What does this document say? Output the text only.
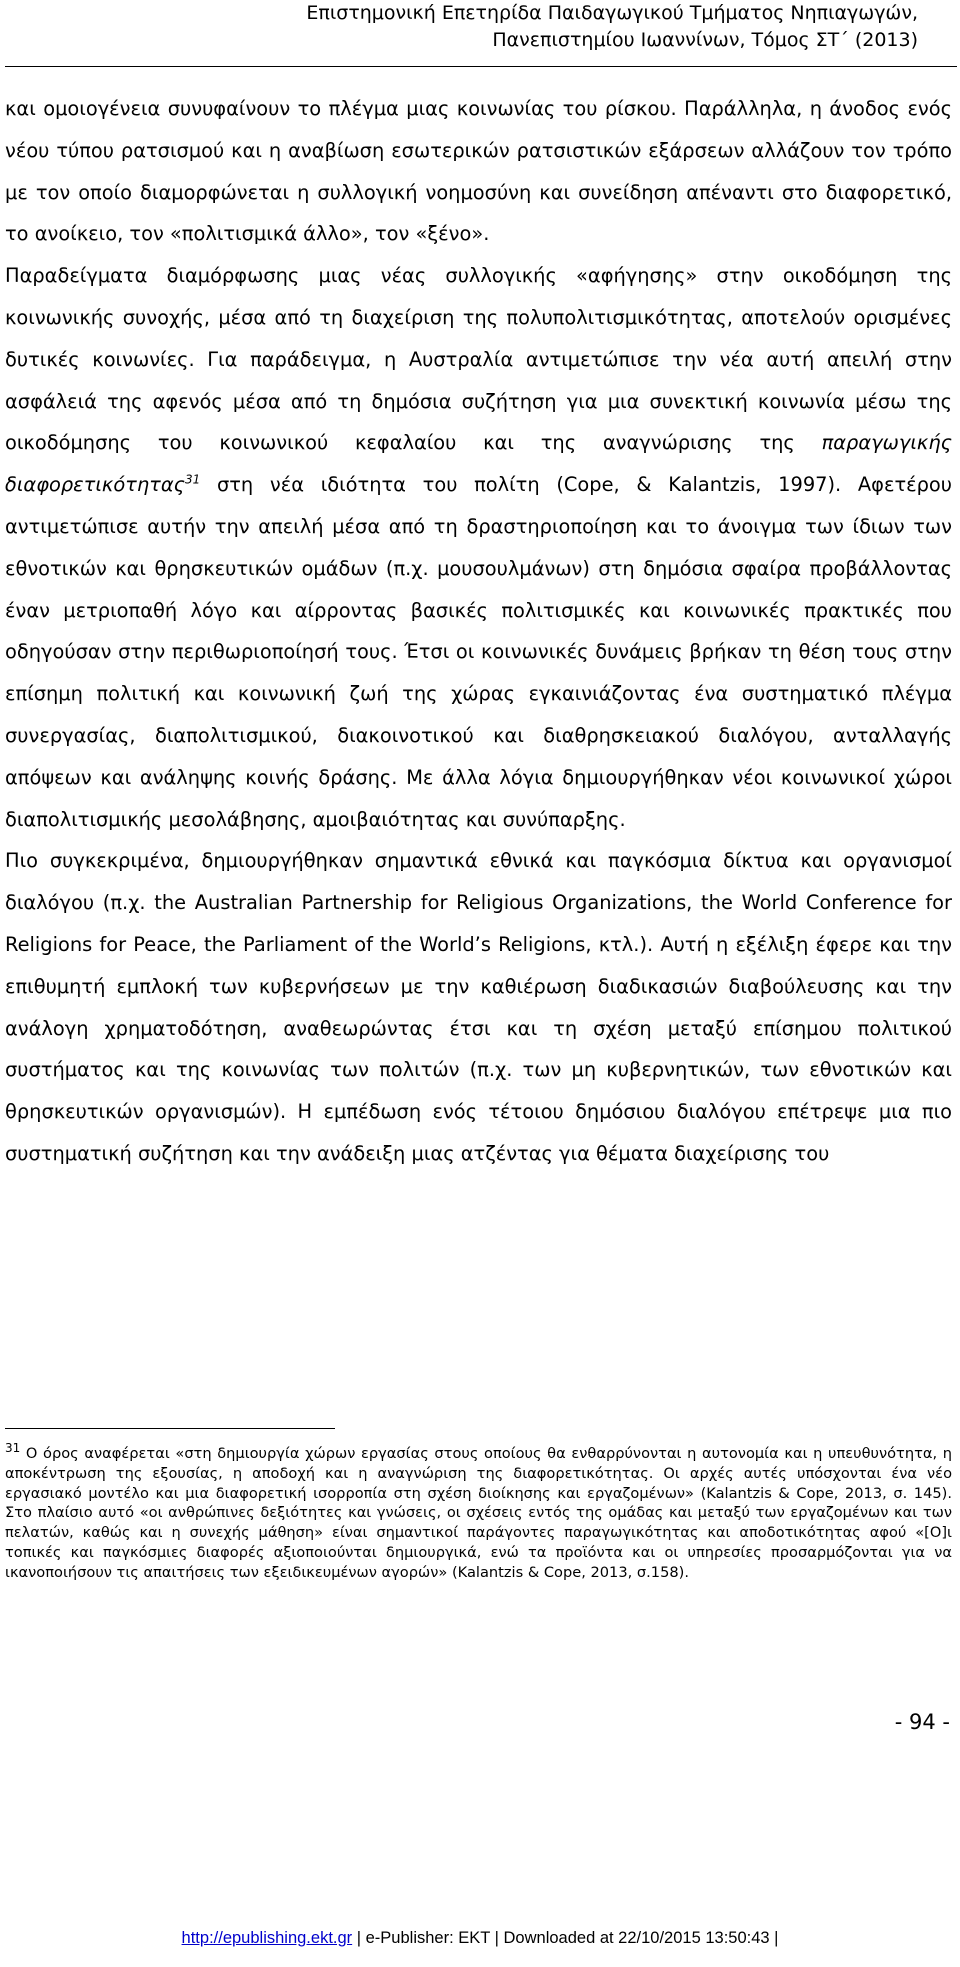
Επιστημονική Επετηρίδα Παιδαγωγικού Τμήματος Νηπιαγωγών,
Πανεπιστημίου Ιωαννίνων, Τόμος ΣΤ΄ (2013)

και ομοιογένεια συνυφαίνουν το πλέγμα μιας κοινωνίας του ρίσκου. Παράλληλα, η άνοδος ενός νέου τύπου ρατσισμού και η αναβίωση εσωτερικών ρατσιστικών εξάρσεων αλλάζουν τον τρόπο με τον οποίο διαμορφώνεται η συλλογική νοημοσύνη και συνείδηση απέναντι στο διαφορετικό, το ανοίκειο, τον «πολιτισμικά άλλο», τον «ξένο».

Παραδείγματα διαμόρφωσης μιας νέας συλλογικής «αφήγησης» στην οικοδόμηση της κοινωνικής συνοχής, μέσα από τη διαχείριση της πολυπολιτισμικότητας, αποτελούν ορισμένες δυτικές κοινωνίες. Για παράδειγμα, η Αυστραλία αντιμετώπισε την νέα αυτή απειλή στην ασφάλειά της αφενός μέσα από τη δημόσια συζήτηση για μια συνεκτική κοινωνία μέσω της οικοδόμησης του κοινωνικού κεφαλαίου και της αναγνώρισης της παραγωγικής διαφορετικότητας$^{31}$ στη νέα ιδιότητα του πολίτη (Cope, & Kalantzis, 1997). Αφετέρου αντιμετώπισε αυτήν την απειλή μέσα από τη δραστηριοποίηση και το άνοιγμα των ίδιων των εθνοτικών και θρησκευτικών ομάδων (π.χ. μουσουλμάνων) στη δημόσια σφαίρα προβάλλοντας έναν μετριοπαθή λόγο και αίρροντας βασικές πολιτισμικές και κοινωνικές πρακτικές που οδηγούσαν στην περιθωριοποίησή τους. Έτσι οι κοινωνικές δυνάμεις βρήκαν τη θέση τους στην επίσημη πολιτική και κοινωνική ζωή της χώρας εγκαινιάζοντας ένα συστηματικό πλέγμα συνεργασίας, διαπολιτισμικού, διακοινοτικού και διαθρησκειακού διαλόγου, ανταλλαγής απόψεων και ανάληψης κοινής δράσης. Με άλλα λόγια δημιουργήθηκαν νέοι κοινωνικοί χώροι διαπολιτισμικής μεσολάβησης, αμοιβαιότητας και συνύπαρξης.

Πιο συγκεκριμένα, δημιουργήθηκαν σημαντικά εθνικά και παγκόσμια δίκτυα και οργανισμοί διαλόγου (π.χ. the Australian Partnership for Religious Organizations, the World Conference for Religions for Peace, the Parliament of the World’s Religions, κτλ.). Αυτή η εξέλιξη έφερε και την επιθυμητή εμπλοκή των κυβερνήσεων με την καθιέρωση διαδικασιών διαβούλευσης και την ανάλογη χρηματοδότηση, αναθεωρώντας έτσι και τη σχέση μεταξύ επίσημου πολιτικού συστήματος και της κοινωνίας των πολιτών (π.χ. των μη κυβερνητικών, των εθνοτικών και θρησκευτικών οργανισμών). Η εμπέδωση ενός τέτοιου δημόσιου διαλόγου επέτρεψε μια πιο συστηματική συζήτηση και την ανάδειξη μιας ατζέντας για θέματα διαχείρισης του

$^{31}$ Ο όρος αναφέρεται «στη δημιουργία χώρων εργασίας στους οποίους θα ενθαρρύνονται η αυτονομία και η υπευθυνότητα, η αποκέντρωση της εξουσίας, η αποδοχή και η αναγνώριση της διαφορετικότητας. Οι αρχές αυτές υπόσχονται ένα νέο εργασιακό μοντέλο και μια διαφορετική ισορροπία στη σχέση διοίκησης και εργαζομένων» (Kalantzis & Cope, 2013, σ. 145). Στο πλαίσιο αυτό «οι ανθρώπινες δεξιότητες και γνώσεις, οι σχέσεις εντός της ομάδας και μεταξύ των εργαζομένων και των πελατών, καθώς και η συνεχής μάθηση» είναι σημαντικοί παράγοντες παραγωγικότητας και αποδοτικότητας αφού «[Ο]ι τοπικές και παγκόσμιες διαφορές αξιοποιούνται δημιουργικά, ενώ τα προϊόντα και οι υπηρεσίες προσαρμόζονται για να ικανοποιήσουν τις απαιτήσεις των εξειδικευμένων αγορών» (Kalantzis & Cope, 2013, σ.158).

- 94 -
http://epublishing.ekt.gr | e-Publisher: EKT | Downloaded at 22/10/2015 13:50:43 |
